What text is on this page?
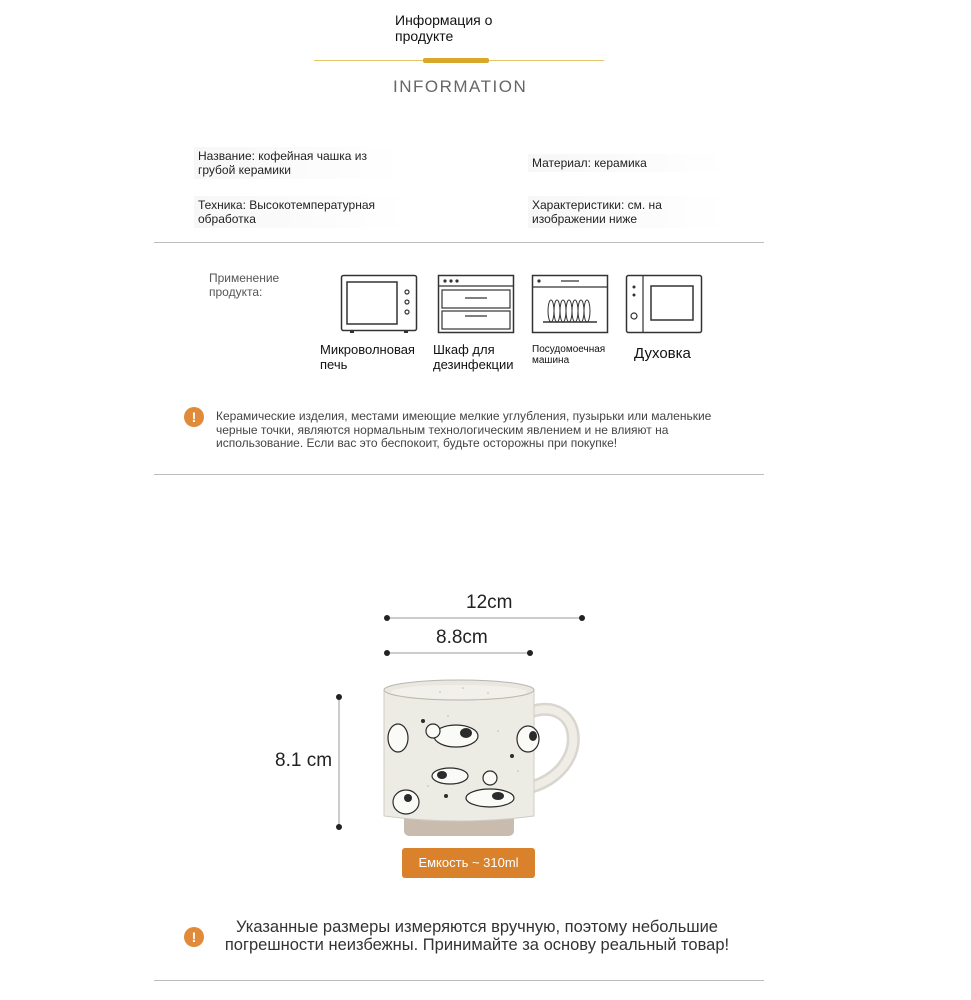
Информация о продукте
INFORMATION
Название: кофейная чашка из грубой керамики	Материал: керамика
Техника: Высокотемпературная обработка
Характеристики: см. на изображении ниже
Применение продукта:
Микроволновая печь
Шкаф для дезинфекции
Посудомоечная машина	Духовка
!	Керамические изделия, местами имеющие мелкие углубления, пузырьки или маленькие черные точки, являются нормальным технологическим явлением и не влияют на использование. Если вас это беспокоит, будьте осторожны при покупке!
12cm
8.8cm
8.1 cm
Емкость ~ 310ml
!
Указанные размеры измеряются вручную, поэтому небольшие погрешности неизбежны. Принимайте за основу реальный товар!
